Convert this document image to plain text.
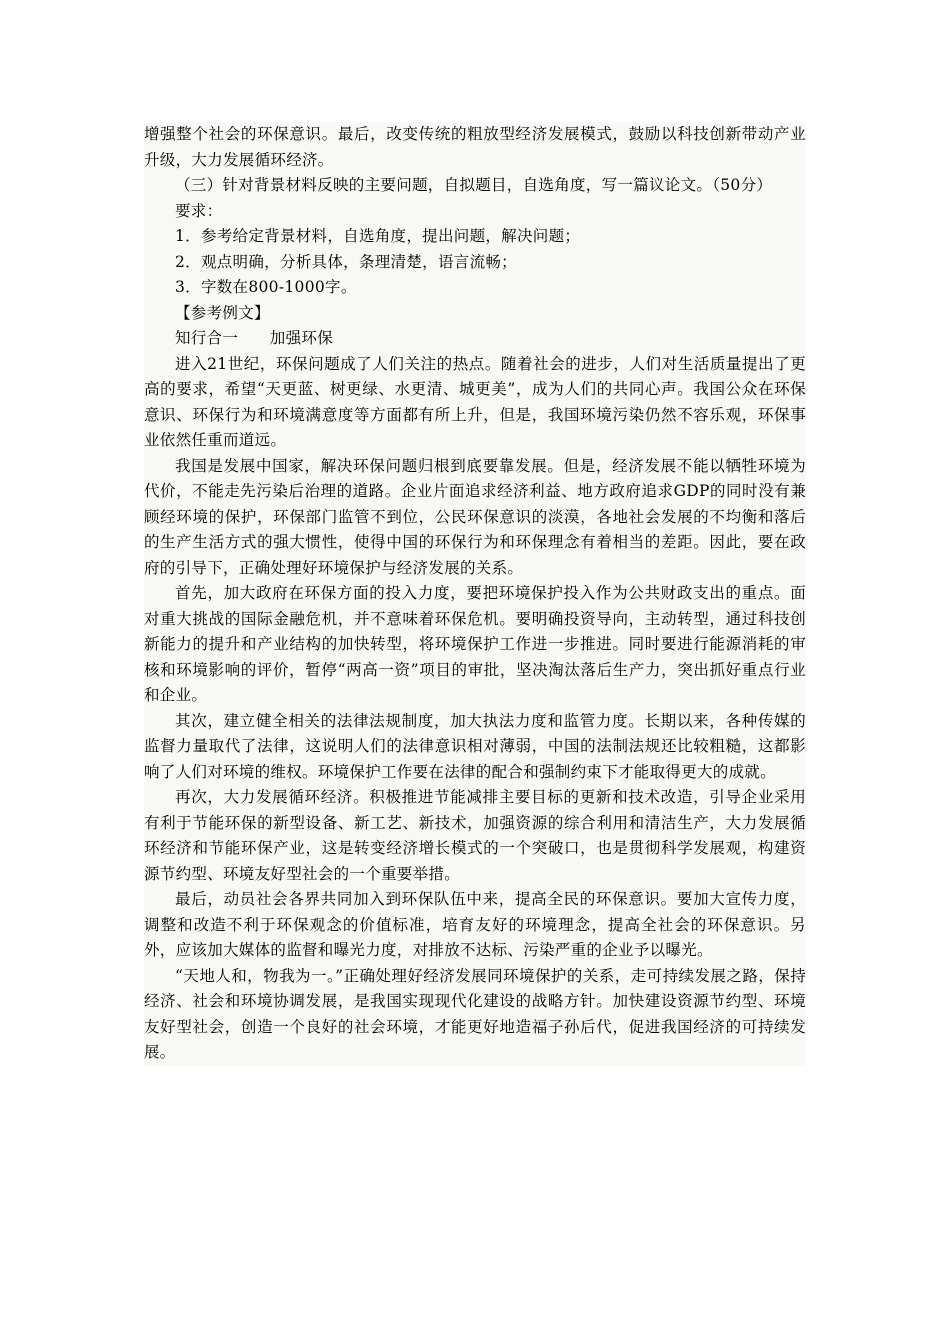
增强整个社会的环保意识。最后，改变传统的粗放型经济发展模式，鼓励以科技创新带动产业升级，大力发展循环经济。

（三）针对背景材料反映的主要问题，自拟题目，自选角度，写一篇议论文。（50分）

要求：

1．参考给定背景材料，自选角度，提出问题，解决问题；

2．观点明确，分析具体，条理清楚，语言流畅；

3．字数在800-1000字。

【参考例文】

知行合一　　加强环保

进入21世纪，环保问题成了人们关注的热点。随着社会的进步，人们对生活质量提出了更高的要求，希望“天更蓝、树更绿、水更清、城更美”，成为人们的共同心声。我国公众在环保意识、环保行为和环境满意度等方面都有所上升，但是，我国环境污染仍然不容乐观，环保事业依然任重而道远。

我国是发展中国家，解决环保问题归根到底要靠发展。但是，经济发展不能以牺牲环境为代价，不能走先污染后治理的道路。企业片面追求经济利益、地方政府追求GDP的同时没有兼顾经环境的保护，环保部门监管不到位，公民环保意识的淡漠，各地社会发展的不均衡和落后的生产生活方式的强大惯性，使得中国的环保行为和环保理念有着相当的差距。因此，要在政府的引导下，正确处理好环境保护与经济发展的关系。

首先，加大政府在环保方面的投入力度，要把环境保护投入作为公共财政支出的重点。面对重大挑战的国际金融危机，并不意味着环保危机。要明确投资导向，主动转型，通过科技创新能力的提升和产业结构的加快转型，将环境保护工作进一步推进。同时要进行能源消耗的审核和环境影响的评价，暂停“两高一资”项目的审批，坚决淘汰落后生产力，突出抓好重点行业和企业。

其次，建立健全相关的法律法规制度，加大执法力度和监管力度。长期以来，各种传媒的监督力量取代了法律，这说明人们的法律意识相对薄弱，中国的法制法规还比较粗糙，这都影响了人们对环境的维权。环境保护工作要在法律的配合和强制约束下才能取得更大的成就。

再次，大力发展循环经济。积极推进节能减排主要目标的更新和技术改造，引导企业采用有利于节能环保的新型设备、新工艺、新技术，加强资源的综合利用和清洁生产，大力发展循环经济和节能环保产业，这是转变经济增长模式的一个突破口，也是贯彻科学发展观，构建资源节约型、环境友好型社会的一个重要举措。

最后，动员社会各界共同加入到环保队伍中来，提高全民的环保意识。要加大宣传力度，调整和改造不利于环保观念的价值标准，培育友好的环境理念，提高全社会的环保意识。另外，应该加大媒体的监督和曝光力度，对排放不达标、污染严重的企业予以曝光。

“天地人和，物我为一。”正确处理好经济发展同环境保护的关系，走可持续发展之路，保持经济、社会和环境协调发展，是我国实现现代化建设的战略方针。加快建设资源节约型、环境友好型社会，创造一个良好的社会环境，才能更好地造福子孙后代，促进我国经济的可持续发展。
